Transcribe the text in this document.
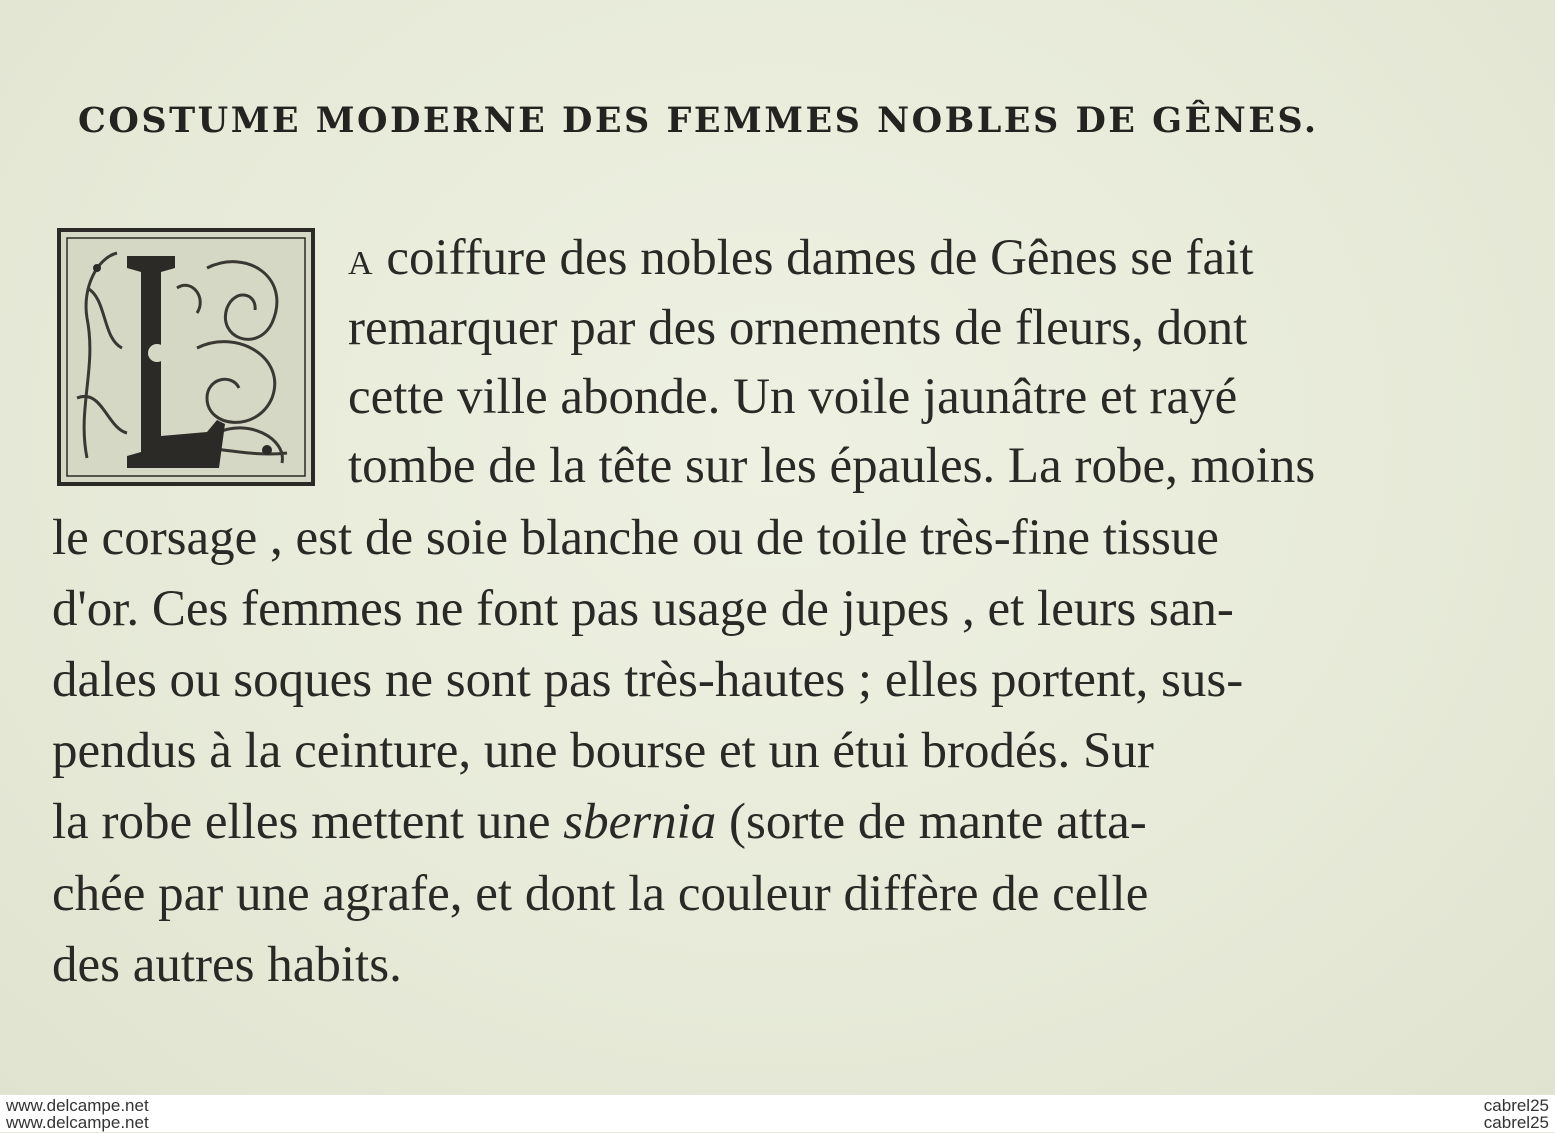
COSTUME MODERNE DES FEMMES NOBLES DE GÊNES.
A coiffure des nobles dames de Gênes se fait
remarquer par des ornements de fleurs, dont
cette ville abonde. Un voile jaunâtre et rayé
tombe de la tête sur les épaules. La robe, moins
le corsage , est de soie blanche ou de toile très-fine tissue
d'or. Ces femmes ne font pas usage de jupes , et leurs san-
dales ou soques ne sont pas très-hautes ; elles portent, sus-
pendus à la ceinture, une bourse et un étui brodés. Sur
la robe elles mettent une sbernia (sorte de mante atta-
chée par une agrafe, et dont la couleur diffère de celle
des autres habits.
www.delcampe.net
www.delcampe.net
cabrel25
cabrel25
